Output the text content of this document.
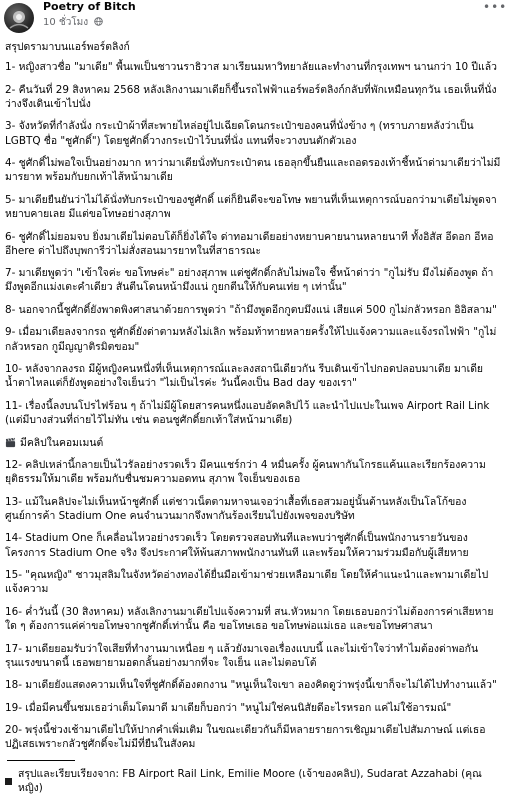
Poetry of Bitch
10 ชั่วโมง
•••

สรุปดรามาบนแอร์พอร์ตลิงก์

1- หญิงสาวชื่อ "มาเดีย" พื้นเพเป็นชาวนราธิวาส มาเรียนมหาวิทยาลัยและทำงานที่กรุงเทพฯ นานกว่า 10 ปีแล้ว

2- คืนวันที่ 29 สิงหาคม 2568 หลังเลิกงานมาเดียก็ขึ้นรถไฟฟ้าแอร์พอร์ตลิงก์กลับที่พักเหมือนทุกวัน เธอเห็นที่นั่งว่างจึงเดินเข้าไปนั่ง

3- จังหวัดที่กำลังนั่ง กระเป๋าผ้าที่สะพายไหล่อยู่ไปเฉียดโดนกระเป๋าของคนที่นั่งข้าง ๆ (ทราบภายหลังว่าเป็น LGBTQ ชื่อ "ชูศักดิ์") โดยชูศักดิ์วางกระเป๋าไว้บนที่นั่ง แทนที่จะวางบนตักตัวเอง

4- ชูศักดิ์ไม่พอใจเป็นอย่างมาก หาว่ามาเดียนั่งทับกระเป๋าตน เธอลุกขึ้นยืนและถอดรองเท้าชี้หน้าด่ามาเดียว่าไม่มีมารยาท พร้อมกับยกเท้าไส้หน้ามาเดีย

5- มาเดียยืนยันว่าไม่ได้นั่งทับกระเป๋าของชูศักดิ์ แต่ก็ยินดีจะขอโทษ พยานที่เห็นเหตุการณ์บอกว่ามาเดียไม่พูดจาหยาบคายเลย มีแต่ขอโทษอย่างสุภาพ

6- ชูศักดิ์ไม่ยอมจบ ยิ่งมาเดียไม่ตอบโต้ก็ยิ่งได้ใจ ด่าทอมาเดียอย่างหยาบคายนานหลายนาที ทั้งอิสัส อีดอก อีหอ อีhere ด่าไปถึงบุพการีว่าไม่สั่งสอนมารยาทในที่สาธารณะ

7- มาเดียพูดว่า "เข้าใจค่ะ ขอโทษค่ะ" อย่างสุภาพ แต่ชูศักดิ์กลับไม่พอใจ ชี้หน้าด่าว่า "กูไม่รับ มึงไม่ต้องพูด ถ้ามึงพูดอีกแม่งเตะคำเดียว สันตีนโดนหน้ามึงแน่ กูยกตีนให้กับคนเท่ย ๆ เท่านั้น"

8- นอกจากนี้ชูศักดิ์ยังพาดพิงศาสนาด้วยการพูดว่า "ถ้ามึงพูดอีกกูตบมึงแน่ เสียแค่ 500 กูไม่กลัวหรอก อิอิสลาม"

9- เมื่อมาเดียลงจากรถ ชูศักดิ์ยังด่าตามหลังไม่เลิก พร้อมท้าทายหลายครั้งให้ไปแจ้งความและแจ้งรถไฟฟ้า "กูไม่กลัวหรอก กูมีญญาติรมิตขอม"

10- หลังจากลงรถ มีผู้หญิงคนหนึ่งที่เห็นเหตุการณ์และลงสถานีเดียวกัน รีบเดินเข้าไปกอดปลอบมาเดีย มาเดียน้ำตาไหลแต่ก็ยังพูดอย่างใจเย็นว่า "ไม่เป็นไรค่ะ วันนี้คงเป็น Bad day ของเรา"

11- เรื่องนี้ลงบนโปรไฟร้อน ๆ ถ้าไม่มีผู้โดยสารคนหนึ่งแอบอัดคลิปไว้ และนำไปแปะในเพจ Airport Rail Link (แต่มีบางส่วนที่ถ่ายไว้ไม่ทัน เช่น ตอนชูศักดิ์ยกเท้าใส่หน้ามาเดีย)

มีคลิปในคอมเมนต์

12- คลิปเหล่านี้กลายเป็นไวรัลอย่างรวดเร็ว มีคนแชร์กว่า 4 หมื่นครั้ง ผู้คนพากันโกรธแค้นและเรียกร้องความยุติธรรมให้มาเดีย พร้อมกับชื่นชมความอดทน สุภาพ ใจเย็นของเธอ

13- แม้ในคลิปจะไม่เห็นหน้าชูศักดิ์ แต่ชาวเน็ตตามหาจนเจอว่าเสื้อที่เธอสวมอยู่นั้นต้านหลังเป็นโลโก้ของศูนย์การค้า Stadium One คนจำนวนมากจึงพากันร้องเรียนไปยังเพจของบริษัท

14- Stadium One ก็เคลื่อนไหวอย่างรวดเร็ว โดยตรวจสอบทันทีและพบว่าชูศักดิ์เป็นพนักงานรายวันของโครงการ Stadium One จริง จึงประกาศให้พ้นสภาพพนักงานทันที และพร้อมให้ความร่วมมือกับผู้เสียหาย

15- "คุณหญิง" ชาวมุสลิมในจังหวัดอ่างทองได้ยื่นมือเข้ามาช่วยเหลือมาเดีย โดยให้คำแนะนำและพามาเดียไปแจ้งความ

16- ค่ำวันนี้ (30 สิงหาคม) หลังเลิกงานมาเดียไปแจ้งความที่ สน.หัวหมาก โดยเธอบอกว่าไม่ต้องการค่าเสียหายใด ๆ ต้องการแค่ค่าขอโทษจากชูศักดิ์เท่านั้น คือ ขอโทษเธอ ขอโทษพ่อแม่เธอ และขอโทษศาสนา

17- มาเดียยอมรับว่าใจเสียที่ทำงานมาเหนื่อย ๆ แล้วยังมาเจอเรื่องแบบนี้ และไม่เข้าใจว่าทำไมต้องด่าพอกันรุนแรงขนาดนี้ เธอพยายามอดกลั้นอย่างมากที่จะ ใจเย็น และไม่ตอบโต้

18- มาเดียยังแสดงความเห็นใจที่ชูศักดิ์ต้องตกงาน "หนูเห็นใจเขา ลองคิดดูว่าพรุ่งนี้เขาก็จะไม่ได้ไปทำงานแล้ว"

19- เมื่อมีคนขึ้นชมเธอว่าเต็มโตมาดี มาเดียก็บอกว่า "หนูไม่ใช่คนนิสัยดีอะไรหรอก แค่ไม่ใช้อารมณ์"

20- พรุ่งนี้ช่วงเช้ามาเดียไปให้ปากคำเพิ่มเติม ในขณะเดียวกันก็มีหลายรายการเชิญมาเดียไปสัมภาษณ์ แต่เธอปฏิเสธเพราะกลัวชูศักดิ์จะไม่มีที่ยืนในสังคม

สรุปและเรียบเรียงจาก: FB Airport Rail Link, Emilie Moore (เจ้าของคลิป), Sudarat Azzahabi (คุณหญิง)
